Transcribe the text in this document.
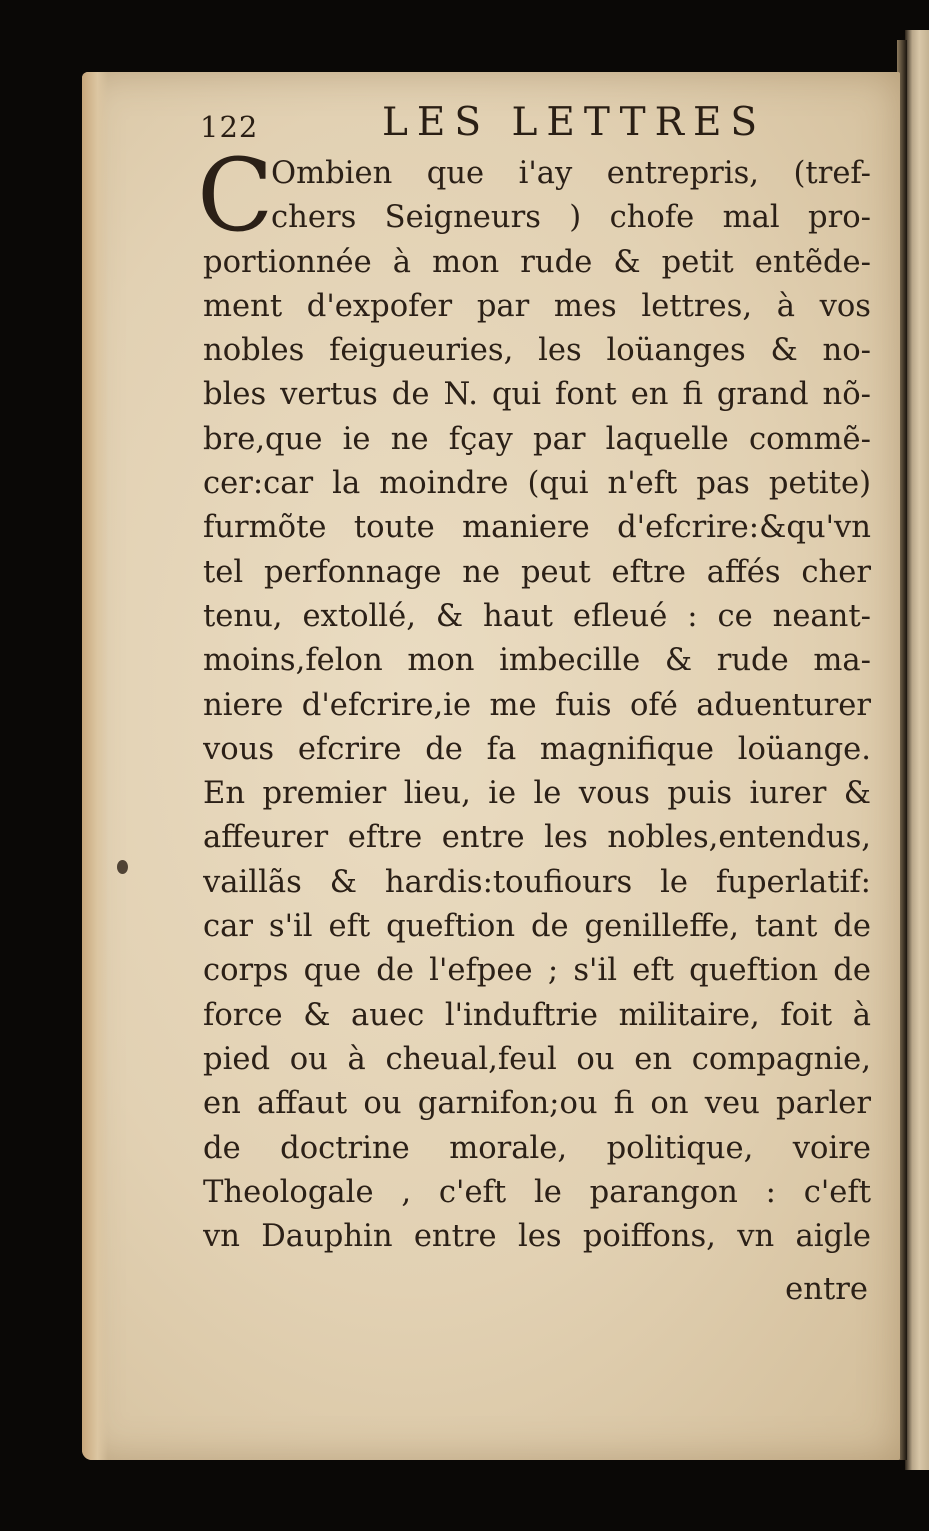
122	LES LETTRES
C
Ombien que i'ay entrepris, (tref-
chers Seigneurs ) chofe mal pro-
portionnée à mon rude & petit entẽde-
ment d'expofer par mes lettres, à vos
nobles feigueuries, les loüanges & no-
bles vertus de N. qui font en fi grand nõ-
bre,que ie ne fçay par laquelle commẽ-
cer:car la moindre (qui n'eft pas petite)
furmõte toute maniere d'efcrire:&qu'vn
tel perfonnage ne peut eftre affés cher
tenu, extollé, & haut efleué : ce neant-
moins,felon mon imbecille & rude ma-
niere d'efcrire,ie me fuis ofé aduenturer
vous efcrire de fa magnifique loüange.
En premier lieu, ie le vous puis iurer &
affeurer eftre entre les nobles,entendus,
vaillãs & hardis:toufiours le fuperlatif:
car s'il eft queftion de genilleffe, tant de
corps que de l'efpee ; s'il eft queftion de
force & auec l'induftrie militaire, foit à
pied ou à cheual,feul ou en compagnie,
en affaut ou garnifon;ou fi on veu parler
de doctrine morale, politique, voire
Theologale , c'eft le parangon : c'eft
vn Dauphin entre les poiffons, vn aigle
entre
